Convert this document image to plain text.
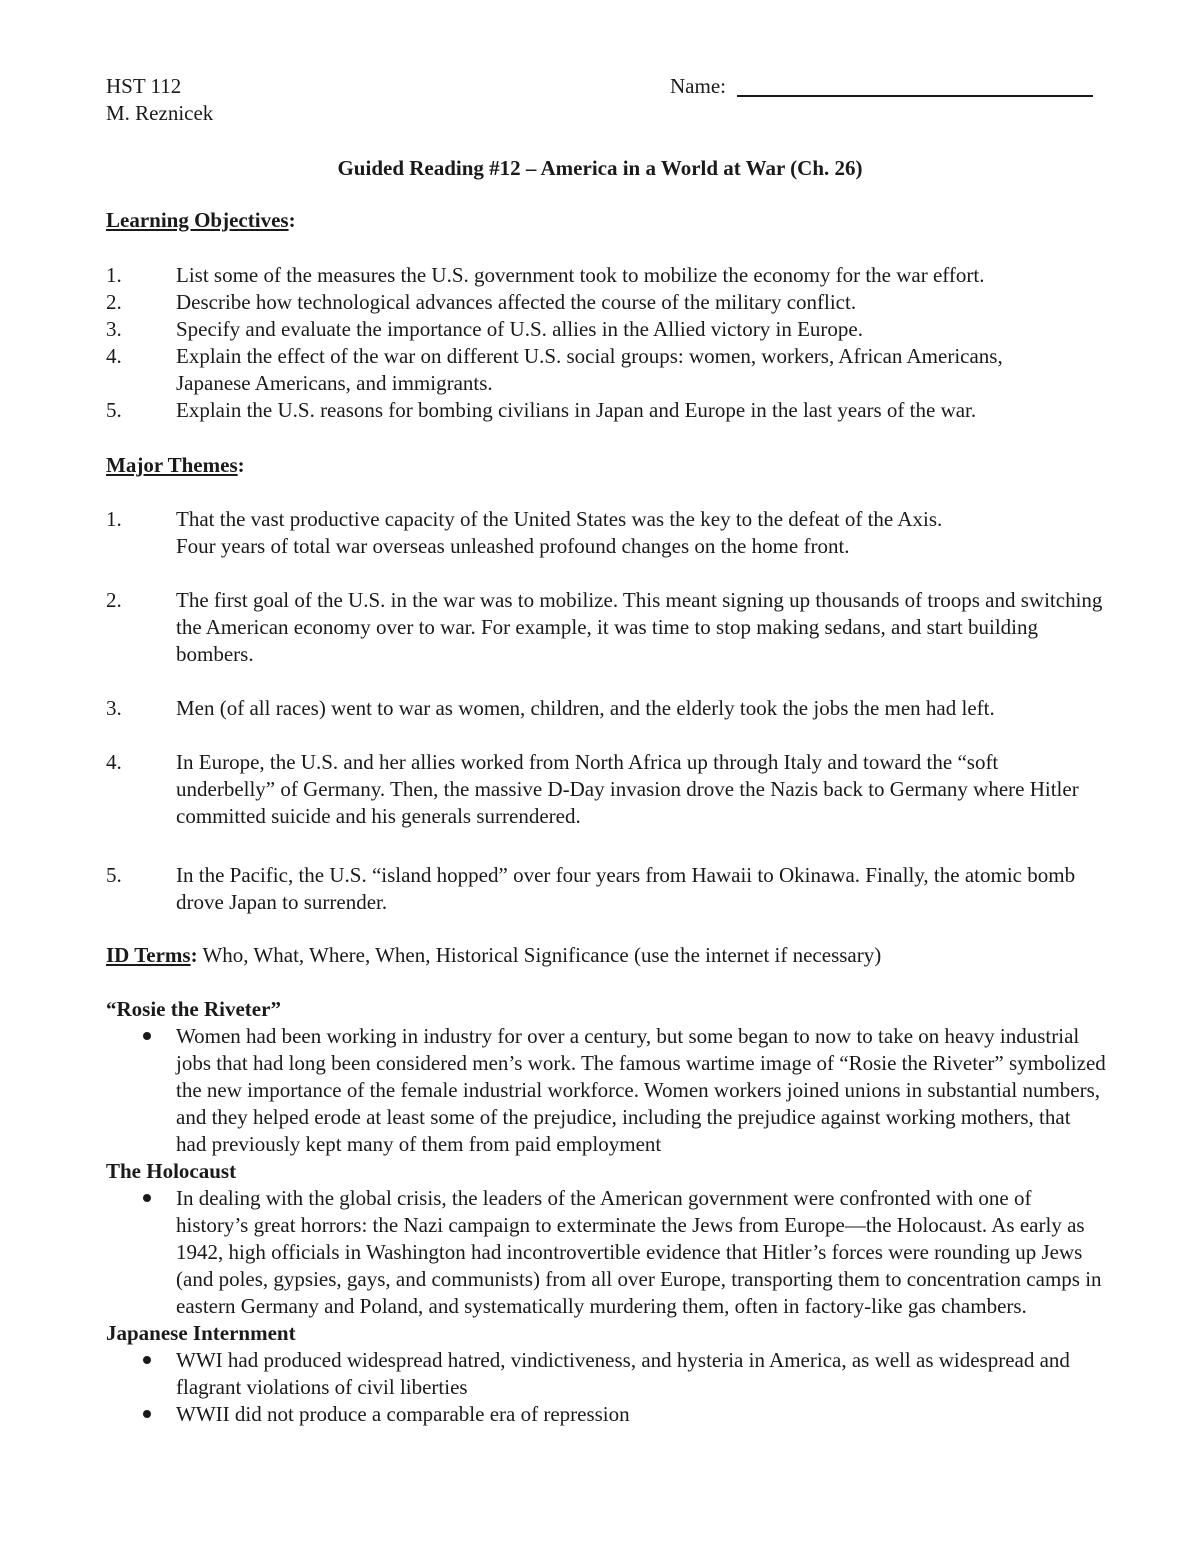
HST 112
M. Reznicek
Name:
Guided Reading #12 – America in a World at War (Ch. 26)
Learning Objectives:
1.	List some of the measures the U.S. government took to mobilize the economy for the war effort.
2.	Describe how technological advances affected the course of the military conflict.
3.	Specify and evaluate the importance of U.S. allies in the Allied victory in Europe.
4.	Explain the effect of the war on different U.S. social groups: women, workers, African Americans, Japanese Americans, and immigrants.
5.	Explain the U.S. reasons for bombing civilians in Japan and Europe in the last years of the war.
Major Themes:
1.	That the vast productive capacity of the United States was the key to the defeat of the Axis. Four years of total war overseas unleashed profound changes on the home front.
2.	The first goal of the U.S. in the war was to mobilize. This meant signing up thousands of troops and switching the American economy over to war. For example, it was time to stop making sedans, and start building bombers.
3.	Men (of all races) went to war as women, children, and the elderly took the jobs the men had left.
4.	In Europe, the U.S. and her allies worked from North Africa up through Italy and toward the “soft underbelly” of Germany. Then, the massive D-Day invasion drove the Nazis back to Germany where Hitler committed suicide and his generals surrendered.
5.	In the Pacific, the U.S. “island hopped” over four years from Hawaii to Okinawa. Finally, the atomic bomb drove Japan to surrender.
ID Terms: Who, What, Where, When, Historical Significance (use the internet if necessary)
“Rosie the Riveter”
Women had been working in industry for over a century, but some began to now to take on heavy industrial jobs that had long been considered men’s work. The famous wartime image of “Rosie the Riveter” symbolized the new importance of the female industrial workforce. Women workers joined unions in substantial numbers, and they helped erode at least some of the prejudice, including the prejudice against working mothers, that had previously kept many of them from paid employment
The Holocaust
In dealing with the global crisis, the leaders of the American government were confronted with one of history’s great horrors: the Nazi campaign to exterminate the Jews from Europe—the Holocaust. As early as 1942, high officials in Washington had incontrovertible evidence that Hitler’s forces were rounding up Jews (and poles, gypsies, gays, and communists) from all over Europe, transporting them to concentration camps in eastern Germany and Poland, and systematically murdering them, often in factory-like gas chambers.
Japanese Internment
WWI had produced widespread hatred, vindictiveness, and hysteria in America, as well as widespread and flagrant violations of civil liberties
WWII did not produce a comparable era of repression
